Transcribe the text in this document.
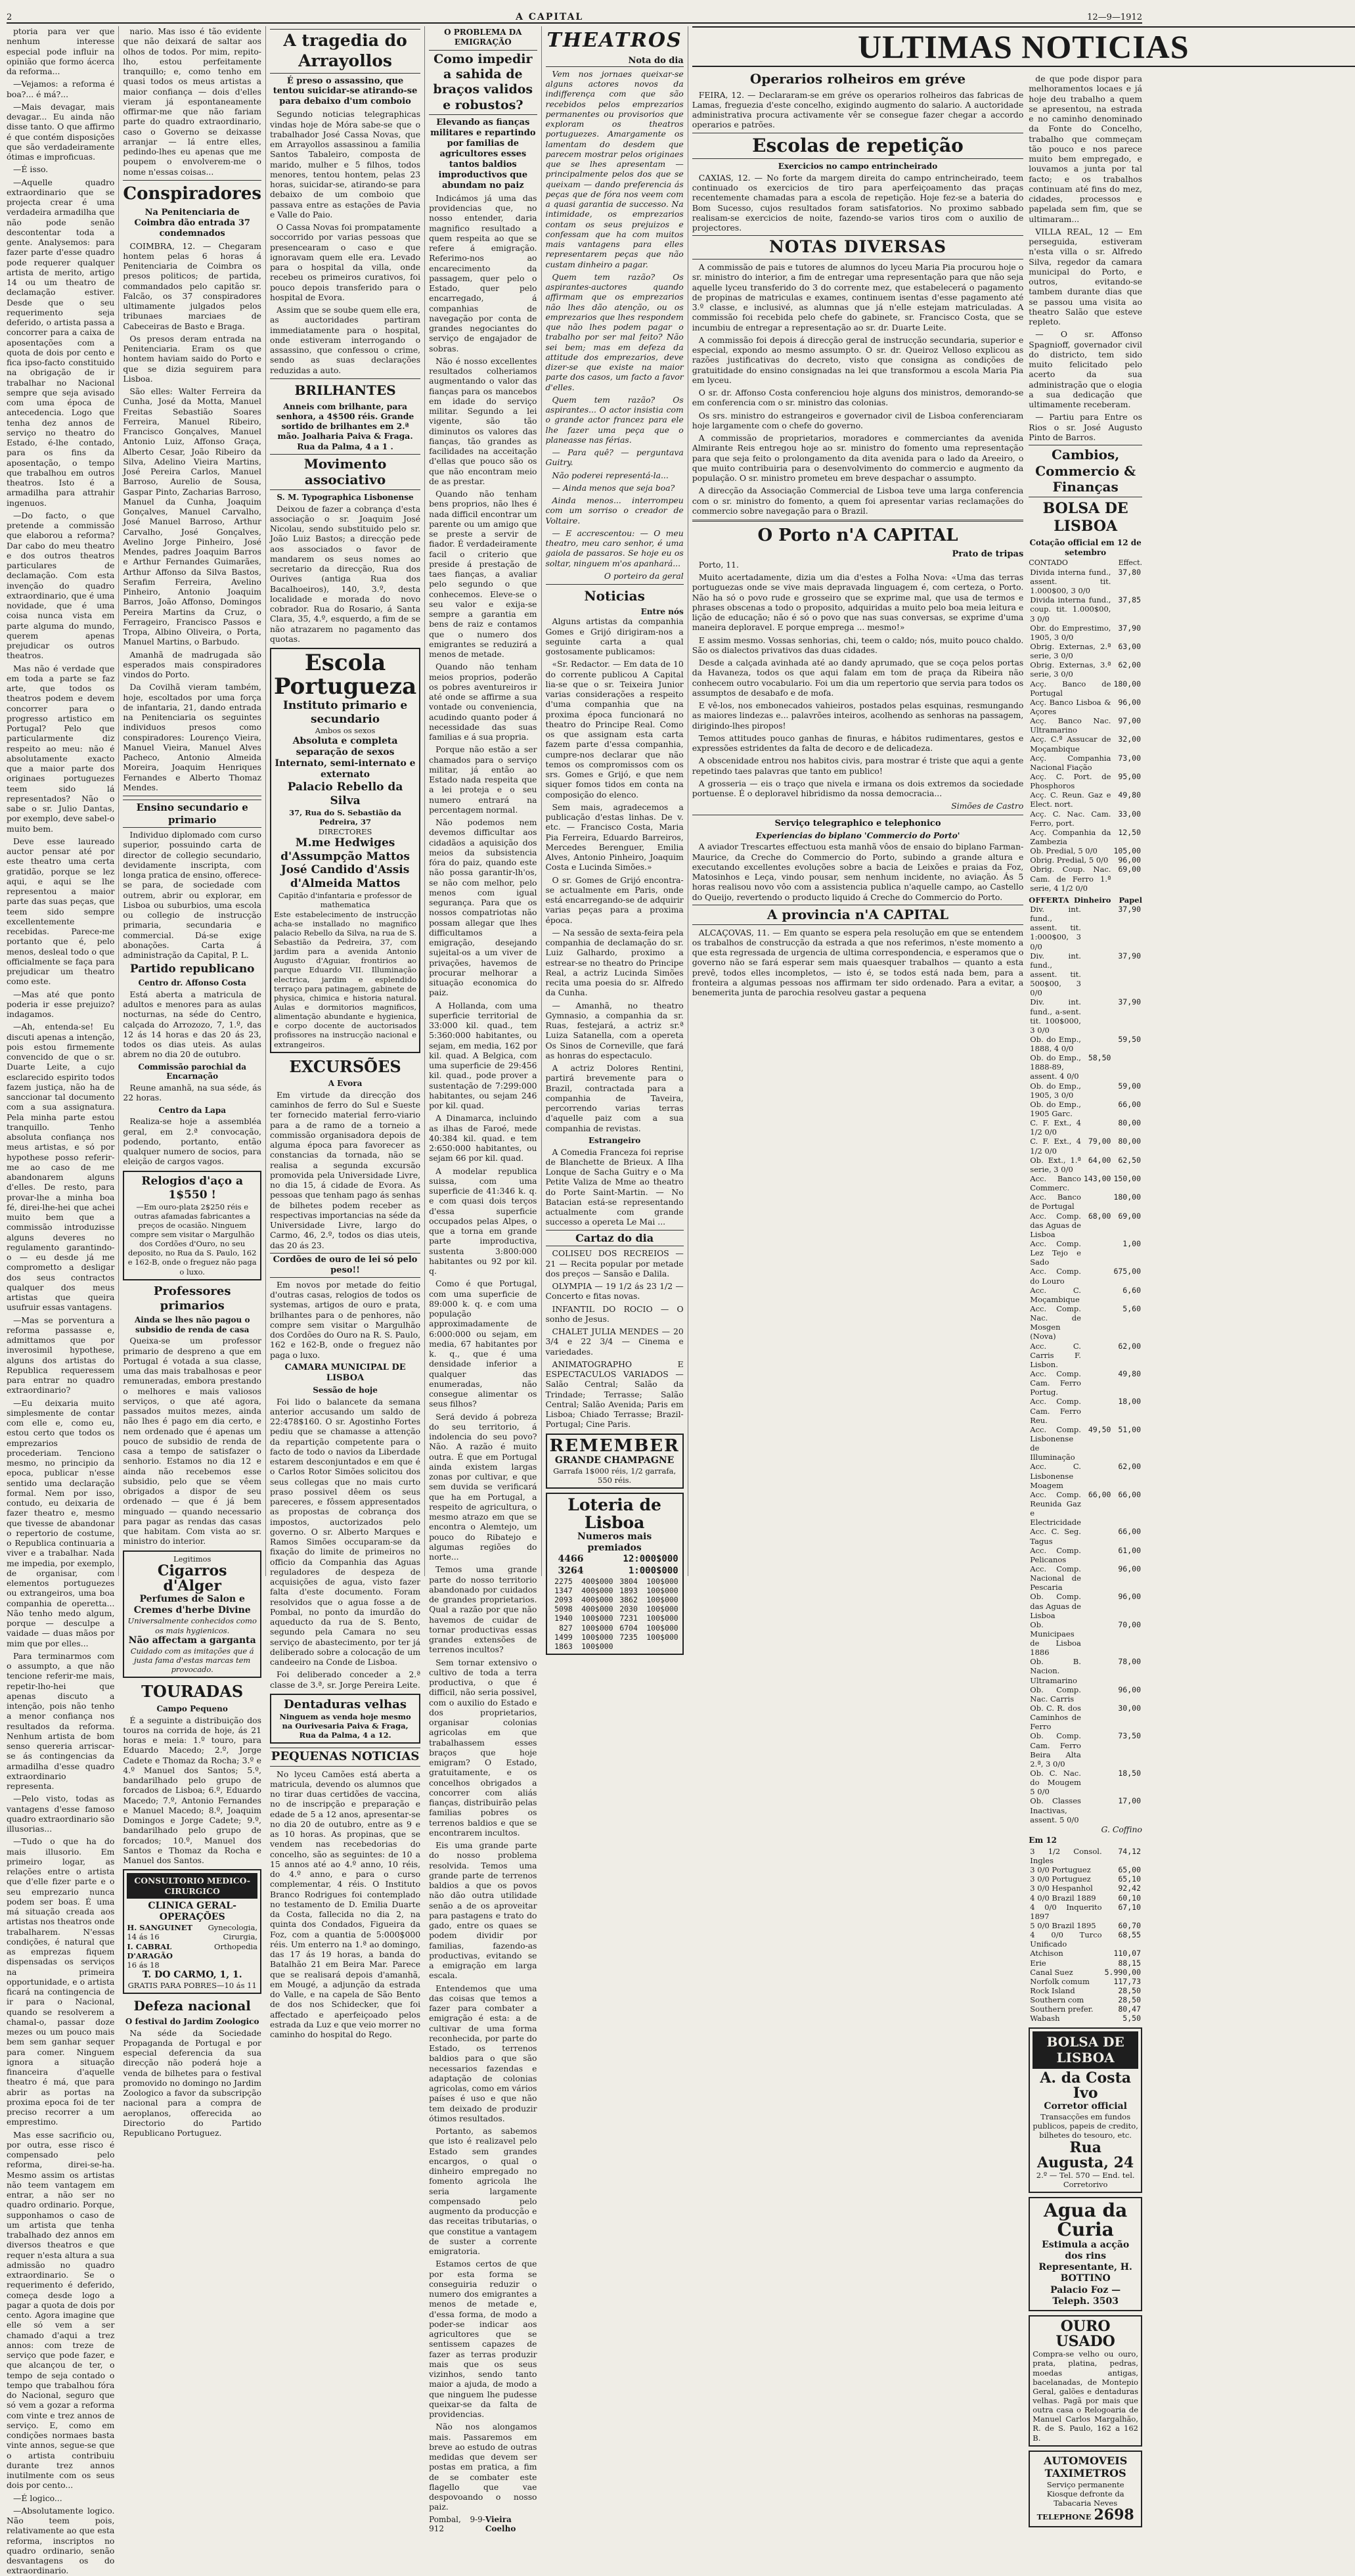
2	A CAPITAL	12—9—1912

ptoria para ver que nenhum interesse especial pode influir na opinião que formo ácerca da reforma...

—Vejamos: a reforma é boa?... é má?...

—Mais devagar, mais devagar... Eu ainda não disse tanto. O que affirmo é que contém disposições que são verdadeiramente ótimas e improficuas.

—É isso.

—Aquelle quadro extraordinario que se projecta crear é uma verdadeira armadilha que não pode senão descontentar toda a gente. Analysemos: para fazer parte d'esse quadro pode requerer qualquer artista de merito, artigo 14 ou um theatro de declamação estiver. Desde que o seu requerimento seja deferido, o artista passa a concorrer para a caixa de aposentações com a quota de dois por cento e fica ipso-facto constituido na obrigação de ir trabalhar no Nacional sempre que seja avisado com uma época de antecedencia. Logo que tenha dez annos de serviço no theatro do Estado, é-lhe contado, para os fins da aposentação, o tempo que trabalhou em outros theatros. Isto é a armadilha para attrahir ingenuos.

—Do facto, o que pretende a commissão que elaborou a reforma? Dar cabo do meu theatro e dos outros theatros particulares de declamação. Com esta invenção do quadro extraordinario, que é uma novidade, que é uma coisa nunca vista em parte alguma do mundo, querem apenas prejudicar os outros theatros.

Mas não é verdade que em toda a parte se faz arte, que todos os theatros podem e devem concorrer para o progresso artistico em Portugal? Pelo que particularmente diz respeito ao meu: não é absolutamente exacto que a maior parte dos originaes portuguezes teem sido lá representados? Não o sabe o sr. Julio Dantas, por exemplo, deve sabel-o muito bem.

Deve esse laureado auctor pensar até por este theatro uma certa gratidão, porque se lez aqui, e aqui se lhe representou a maior parte das suas peças, que teem sido sempre excellentemente recebidas. Parece-me portanto que é, pelo menos, desleal todo o que officialmente se faça para prejudicar um theatro como este.

—Mas até que ponto poderia ir esse prejuizo? indagamos.

—Ah, entenda-se! Eu discuti apenas a intenção, pois estou firmemente convencido de que o sr. Duarte Leite, a cujo esclarecido espirito todos fazem justiça, não ha de sanccionar tal documento com a sua assignatura. Pela minha parte estou tranquillo. Tenho absoluta confiança nos meus artistas, e só por hypothese posso referir-me ao caso de me abandonarem alguns d'elles. De resto, para provar-lhe a minha boa fé, direi-lhe-hei que achei muito bem que a commissão introduzisse alguns deveres no regulamento garantindo-o — eu desde já me comprometto a desligar dos seus contractos qualquer dos meus artistas que queira usufruir essas vantagens.

—Mas se porventura a reforma passasse e, admittamos que por inverosimil hypothese, alguns dos artistas do Republica requeressem para entrar no quadro extraordinario?

—Eu deixaria muito simplesmente de contar com elle e, como eu, estou certo que todos os emprezarios procederiam. Tenciono mesmo, no principio da epoca, publicar n'esse sentido uma declaração formal. Nem por isso, contudo, eu deixaria de fazer theatro e, mesmo que tivesse de abandonar o repertorio de costume, o Republica continuaria a viver e a trabalhar. Nada me impedia, por exemplo, de organisar, com elementos portuguezes ou extrangeiros, uma boa companhia de operetta... Não tenho medo algum, porque — desculpe a vaidade — duas mãos por mim que por elles...

Para terminarmos com o assumpto, a que não tencione referir-me mais, repetir-lho-hei que apenas discuto a intenção, pois não tenho a menor confiança nos resultados da reforma. Nenhum artista de bom senso quereria arriscar-se ás contingencias da armadilha d'esse quadro extraordinario representa.

—Pelo visto, todas as vantagens d'esse famoso quadro extraordinario são illusorias...

—Tudo o que ha do mais illusorio. Em primeiro logar, as relações entre o artista que d'elle fizer parte e o seu emprezario nunca podem ser boas. É uma má situação creada aos artistas nos theatros onde trabalharem. N'essas condições, é natural que as emprezas fiquem dispensadas os serviços na primeira opportunidade, e o artista ficará na contingencia de ir para o Nacional, quando se resolverem a chamal-o, passar doze mezes ou um pouco mais bem sem ganhar sequer para comer. Ninguem ignora a situação financeira d'aquelle theatro é má, que para abrir as portas na proxima epoca foi de ter preciso recorrer a um emprestimo.

Mas esse sacrificio ou, por outra, esse risco é compensado pelo reforma, direi-se-ha. Mesmo assim os artistas não teem vantagem em entrar, a não ser no quadro ordinario. Porque, supponhamos o caso de um artista que tenha trabalhado dez annos em diversos theatros e que requer n'esta altura a sua admissão no quadro extraordinario. Se o requerimento é deferido, começa desde logo a pagar a quota de dois por cento. Agora imagine que elle só vem a ser chamado d'aqui a trez annos: com treze de serviço que pode fazer, e que alcançou de ter, o tempo de seja contado o tempo que trabalhou fóra do Nacional, seguro que só vem a gozar a reforma com vinte e trez annos de serviço. E, como em condições normaes basta vinte annos, segue-se que o artista contribuiu durante trez annos inutilmente com os seus dois por cento...

—É logico...

—Absolutamente logico. Não teem pois, relativamente ao que esta reforma, inscriptos no quadro ordinario, senão desvantagens os do extraordinario.

nario. Mas isso é tão evidente que não deixará de saltar aos olhos de todos. Por mim, repito-lho, estou perfeitamente tranquillo; e, como tenho em quasi todos os meus artistas a maior confiança — dois d'elles vieram já espontaneamente offirmar-me que não fariam parte do quadro extraordinario, caso o Governo se deixasse arranjar — lá entre elles, pedindo-lhes eu apenas que me poupem o envolverem-me o nome n'essas coisas...

Conspiradores
Na Penitenciaria de Coimbra dão entrada 37 condemnados

COIMBRA, 12. — Chegaram hontem pelas 6 horas á Penitenciaria de Coimbra os presos politicos; de partida, commandados pelo capitão sr. Falcão, os 37 conspiradores ultimamente julgados pelos tribunaes marciaes de Cabeceiras de Basto e Braga.

Os presos deram entrada na Penitenciaria. Eram os que hontem haviam saido do Porto e que se dizia seguirem para Lisboa.

São elles: Walter Ferreira da Cunha, José da Motta, Manuel Freitas Sebastião Soares Ferreira, Manuel Ribeiro, Francisco Gonçalves, Manuel Antonio Luiz, Affonso Graça, Alberto Cesar, João Ribeiro da Silva, Adelino Vieira Martins, José Pereira Carlos, Manuel Barroso, Aurelio de Sousa, Gaspar Pinto, Zacharias Barroso, Manuel da Cunha, Joaquim Gonçalves, Manuel Carvalho, José Manuel Barroso, Arthur Carvalho, José Gonçalves, Avelino Jorge Pinheiro, José Mendes, padres Joaquim Barros e Arthur Fernandes Guimarães, Arthur Affonso da Silva Bastos, Serafim Ferreira, Avelino Pinheiro, Antonio Joaquim Barros, João Affonso, Domingos Pereira Martins da Cruz, o Ferrageiro, Francisco Passos e Tropa, Albino Oliveira, o Porta, Manuel Martins, o Barbudo.

Amanhã de madrugada são esperados mais conspiradores vindos do Porto.

Da Covilhã vieram também, hoje, escoltados por uma força de infantaria, 21, dando entrada na Penitenciaria os seguintes individuos presos como conspiradores: Lourenço Vieira, Manuel Vieira, Manuel Alves Pacheco, Antonio Almeida Moreira, Joaquim Henriques Fernandes e Alberto Thomaz Mendes.

Ensino secundario e primario

Individuo diplomado com curso superior, possuindo carta de director de collegio secundario, devidamente inscripta, com longa pratica de ensino, offerece-se para, de sociedade com outrem, abrir ou explorar, em Lisboa ou suburbios, uma escola ou collegio de instrucção primaria, secundaria e commercial. Dá-se exige abonações. Carta á administração da Capital, P. L.

Partido republicano
Centro dr. Affonso Costa

Está aberta a matricula de adultos e menores para as aulas nocturnas, na séde do Centro, calçada do Arrozozo, 7, 1.º, das 12 ás 14 horas e das 20 ás 23, todos os dias uteis. As aulas abrem no dia 20 de outubro.

Commissão parochial da Encarnação

Reune amanhã, na sua séde, ás 22 horas.

Centro da Lapa

Realiza-se hoje a assembléa geral, em 2.ª convocação, podendo, portanto, então qualquer numero de socios, para eleição de cargos vagos.

Relogios d'aço a 1$550 !
—Em ouro-plata 2$250 réis e outras afamadas fabricantes a preços de ocasião. Ninguem compre sem visitar o Margulhão dos Cordões d'Ouro, no seu deposito, no Rua da S. Paulo, 162 e 162-B, onde o freguez não paga o luxo.
Professores primarios
Ainda se lhes não pagou o subsidio de renda de casa

Queixa-se um professor primario de despreno a que em Portugal é votada a sua classe, uma das mais trabalhosas e peor remuneradas, embora prestando o melhores e mais valiosos serviços, o que até agora, passados muitos mezes, ainda não lhes é pago em dia certo, e nem ordenado que é apenas um pouco de subsidio de renda de casa a tempo de satisfazer o senhorio. Estamos no dia 12 e ainda não recebemos esse subsidio, pelo que se vêem obrigados a dispor de seu ordenado — que é já bem minguado — quando necessario para pagar as rendas das casas que habitam. Com vista ao sr. ministro do interior.

Legitimos
Cigarros d'Alger
Perfumes de Salon e Cremes d'herbe Divine
Universalmente conhecidos como os mais hygienicos.
Não affectam a garganta
Cuidado com as imitações que á justa fama d'estas marcas tem provocado.
TOURADAS
Campo Pequeno

É a seguinte a distribuição dos touros na corrida de hoje, ás 21 horas e meia: 1.º touro, para Eduardo Macedo; 2.º, Jorge Cadete e Thomaz da Rocha; 3.º e 4.º Manuel dos Santos; 5.º, bandarilhado pelo grupo de forcados de Lisboa; 6.º, Eduardo Macedo; 7.º, Antonio Fernandes e Manuel Macedo; 8.º, Joaquim Domingos e Jorge Cadete; 9.º, bandarilhado pelo grupo de forcados; 10.º, Manuel dos Santos e Thomaz da Rocha e Manuel dos Santos.

CONSULTORIO MEDICO-CIRURGICO
CLINICA GERAL-OPERAÇÕES
H. SANGUINET
14 ás 16
I. CABRAL D'ARAGÃO
16 ás 18
Gynecologia, Cirurgia, Orthopedia
T. DO CARMO, 1, 1.
GRATIS PARA POBRES—10 ás 11
Defeza nacional
O festival do Jardim Zoologico

Na séde da Sociedade Propaganda de Portugal e por especial deferencia da sua direcção não poderá hoje a venda de bilhetes para o festival promovido no domingo no Jardim Zoologico a favor da subscripção nacional para a compra de aeroplanos, offerecida ao Directorio do Partido Republicano Portuguez.

A tragedia do Arrayollos
É preso o assassino, que tentou suicidar-se atirando-se para debaixo d'um comboio

Segundo noticias telegraphicas vindas hoje de Móra sabe-se que o trabalhador José Cassa Novas, que em Arrayollos assassinou a familia Santos Tabaleiro, composta de marido, mulher e 5 filhos, todos menores, tentou hontem, pelas 23 horas, suicidar-se, atirando-se para debaixo de um comboio que passava entre as estações de Pavia e Valle do Paio.

O Cassa Novas foi prompatamente soccorrido por varias pessoas que presencearam o caso e que ignoravam quem elle era. Levado para o hospital da villa, onde recebeu os primeiros curativos, foi pouco depois transferido para o hospital de Evora.

Assim que se soube quem elle era, as auctoridades partiram immediatamente para o hospital, onde estiveram interrogando o assassino, que confessou o crime, sendo as suas declarações reduzidas a auto.

BRILHANTES

Anneis com brilhante, para senhora, a 4$500 réis. Grande sortido de brilhantes em 2.ª mão. Joalharia Paiva & Fraga. Rua da Palma, 4 a 1 .

Movimento associativo
S. M. Typographica Lisbonense

Deixou de fazer a cobrança d'esta associação o sr. Joaquim José Nicolau, sendo substituido pelo sr. João Luiz Bastos; a direcção pede aos associados o favor de mandarem os seus nomes ao secretario da direcção, Rua dos Ourives (antiga Rua dos Bacalhoeiros), 140, 3.º, desta localidade e morada do novo cobrador. Rua do Rosario, á Santa Clara, 35, 4.º, esquerdo, a fim de se não atrazarem no pagamento das quotas.

Escola Portugueza
Instituto primario e secundario
Ambos os sexos
Absoluta e completa separação de sexos
Internato, semi-internato e externato
Palacio Rebello da Silva
37, Rua do S. Sebastião da Pedreira, 37
DIRECTORES
M.me Hedwiges d'Assumpção Mattos
José Candido d'Assis d'Almeida Mattos
Capitão d'infantaria e professor de mathematica
Este estabelecimento de instrucção acha-se installado no magnifico palacio Rebello da Silva, na rua de S. Sebastião da Pedreira, 37, com jardim para a avenida Antonio Augusto d'Aguiar, frontirios ao parque Eduardo VII. Illuminação electrica, jardim e esplendido terraço para patinagem, gabinete de physica, chimica e historia natural. Aulas e dormitorios magnificos, alimentação abundante e hygienica, e corpo docente de auctorisados profissores na instrucção nacional e extrangeiros.
EXCURSÕES
A Evora

Em virtude da direcção dos caminhos de ferro do Sul e Sueste ter fornecido material ferro-viario para a de ramo de a torneio a commissão organisadora depois de alguma época para favorecer as constancias da tornada, não se realisa a segunda excursão promovida pela Universidade Livre, no dia 15, á cidade de Evora. As pessoas que tenham pago ás senhas de bilhetes podem receber as respectivas importancias na séde da Universidade Livre, largo do Carmo, 46, 2.º, todos os dias uteis, das 20 ás 23.

Cordões de ouro de lei só pelo peso!!

Em novos por metade do feitio d'outras casas, relogios de todos os systemas, artigos de ouro e prata, brilhantes para o de penhores, não compre sem visitar o Margulhão dos Cordões do Ouro na R. S. Paulo, 162 e 162-B, onde o freguez não paga o luxo.

CAMARA MUNICIPAL DE LISBOA
Sessão de hoje

Foi lido o balancete da semana anterior accusando um saldo de 22:478$160. O sr. Agostinho Fortes pediu que se chamasse a attenção da repartição competente para o facto de todo o navios da Liberdade estarem desconjuntados e em que é o Carlos Rotor Simões solicitou dos seus collegas que no mais curto praso possivel dêem os seus pareceres, e fôssem appresentados as propostas de cobrança dos impostos, auctorizados pelo governo. O sr. Alberto Marques e Ramos Simões occuparam-se da fixação do limite de primeiros no officio da Companhia das Aguas reguladores de despeza de acquisições de agua, visto fazer falta d'este documento. Foram resolvidos que o agua fosse a de Pombal, no ponto da imurdão do aqueducto da rua de S. Bento, segundo pela Camara no seu serviço de abastecimento, por ter já deliberado sobre a colocação de um candeeiro na Conde de Lisboa.

Foi deliberado conceder a 2.ª classe de 3.ª, sr. Jorge Pereira Leite.

Dentaduras velhas
Ninguem as venda hoje mesmo na Ourivesaria Paiva & Fraga, Rua da Palma, 4 a 12.
PEQUENAS NOTICIAS

No lyceu Camões está aberta a matricula, devendo os alumnos que no tirar duas certidões de vaccina, no de inscripção e preparação e edade de 5 a 12 anos, apresentar-se no dia 20 de outubro, entre as 9 e as 10 horas. As propinas, que se vendem nas recebedorias do concelho, são as seguintes: de 10 a 15 annos até ao 4.º anno, 10 réis, do 4.º anno, e para o curso complementar, 4 réis. O Instituto Branco Rodrigues foi contemplado no testamento de D. Emilia Duarte da Costa, fallecida no dia 2, na quinta dos Condados, Figueira da Foz, com a quantia de 5:000$000 réis. Um enterro na 1.ª ao domingo, das 17 ás 19 horas, a banda do Batalhão 21 em Beira Mar. Parece que se realisará depois d'amanhã, em Mougé, a adjunção da estrada do Valle, e na capela de São Bento de dos nos Schidecker, que foi affectado e aperfeiçoado pelos estrada da Luz e que veio morrer no caminho do hospital do Rego.

O PROBLEMA DA EMIGRAÇÃO
Como impedir a sahida de braços validos e robustos?
Elevando as fianças militares e repartindo por familias de agricultores esses tantos baldios improductivos que abundam no paiz

Indicámos já uma das providencias que, no nosso entender, daria magnifico resultado a quem respeita ao que se refere á emigração. Referimo-nos ao encarecimento da passagem, quer pelo o Estado, quer pelo encarregado, á companhias de navegação por conta de grandes negociantes do serviço de engajador de sobras.

Não é nosso excellentes resultados colheriamos augmentando o valor das fianças para os mancebos em idade do serviço militar. Segundo a lei vigente, são tão diminutos os valores das fianças, tão grandes as facilidades na acceitação d'ellas que pouco são os que não encontram meio de as prestar.

Quando não tenham bens proprios, não lhes é nada difficil encontrar um parente ou um amigo que se preste a servir de fiador. É verdadeiramente facil o criterio que preside á prestação de taes fianças, a avaliar pelo segundo o que conhecemos. Eleve-se o seu valor e exija-se sempre a garantia em bens de raiz e contamos que o numero dos emigrantes se reduzirá a menos de metade.

Quando não tenham meios proprios, poderão os pobres aventureiros ir até onde se affirme a sua vontade ou conveniencia, acudindo quanto poder á necessidade das suas familias e á sua propria.

Porque não estão a ser chamados para o serviço militar, já então ao Estado nada respeita que a lei proteja e o seu numero entrará na percentagem normal.

Não podemos nem devemos difficultar aos cidadãos a aquisição dos meios da subsistencia fóra do paiz, quando este não possa garantir-lh'os, se não com melhor, pelo menos com igual segurança. Para que os nossos compatriotas não possam allegar que lhes difficultamos a emigração, desejando sujeital-os a um viver de privações, havemos de procurar melhorar a situação economica do paiz.

A Hollanda, com uma superficie territorial de 33:000 kil. quad., tem 5:360:000 habitantes, ou sejam, em media, 162 por kil. quad. A Belgica, com uma superficie de 29:456 kil. quad., pode prover a sustentação de 7:299:000 habitantes, ou sejam 246 por kil. quad.

A Dinamarca, incluindo as ilhas de Faroé, mede 40:384 kil. quad. e tem 2:650:000 habitantes, ou sejam 66 por kil. quad.

A modelar republica suissa, com uma superficie de 41:346 k. q. e com quasi dois terços d'essa superficie occupados pelas Alpes, o que a torna em grande parte improductiva, sustenta 3:800:000 habitantes ou 92 por kil. q.

Como é que Portugal, com uma superficie de 89:000 k. q. e com uma população approximadamente de 6:000:000 ou sejam, em media, 67 habitantes por k. q., que é uma densidade inferior a qualquer das enumeradas, não consegue alimentar os seus filhos?

Será devido á pobreza do seu territorio, á indolencia do seu povo? Não. A razão é muito outra. É que em Portugal ainda existem largas zonas por cultivar, e que sem duvida se verificará que ha em Portugal, a respeito de agricultura, o mesmo atrazo em que se encontra o Alemtejo, um pouco do Ribatejo e algumas regiões do norte...

Temos uma grande parte do nosso territorio abandonado por cuidados de grandes proprietarios. Qual a razão por que não havemos de cuidar de tornar productivas essas grandes extensões de terrenos incultos?

Sem tornar extensivo o cultivo de toda a terra productiva, o que é difficil, não seria possivel, com o auxilio do Estado e dos proprietarios, organisar colonias agricolas em que trabalhassem esses braços que hoje emigram? O Estado, gratuitamente, e os concelhos obrigados a concorrer com aliás fianças, distribuirão pelas familias pobres os terrenos baldios e que se encontrarem incultos.

Eis uma grande parte do nosso problema resolvida. Temos uma grande parte de terrenos baldios a que os povos não dão outra utilidade senão a de os aproveitar para pastagens e trato do gado, entre os quaes se podem dividir por familias, fazendo-as productivas, evitando se a emigração em larga escala.

Entendemos que uma das coisas que temos a fazer para combater a emigração é esta: a de cultivar de uma forma reconhecida, por parte do Estado, os terrenos baldios para o que são necessarios fazendas e adaptação de colonias agricolas, como em vários países é uso e que não tem deixado de produzir ótimos resultados.

Portanto, as sabemos que isto é realizavel pelo Estado sem grandes encargos, o qual o dinheiro empregado no fomento agricola lhe seria largamente compensado pelo augmento da producção e das receitas tributarias, o que constitue a vantagem de suster a corrente emigratoria.

Estamos certos de que por esta forma se conseguiria reduzir o numero dos emigrantes a menos de metade e, d'essa forma, de modo a poder-se indicar aos agricultores que se sentissem capazes de fazer as terras produzir mais que os seus vizinhos, sendo tanto maior a ajuda, de modo a que ninguem lhe pudesse queixar-se da falta de providencias.

Não nos alongamos mais. Passaremos em breve ao estudo de outras medidas que devem ser postas em pratica, a fim de se combater este flagello que vae despovoando o nosso paiz.

Pombal, 9-9-912
Vieira Coelho
THEATROS
Nota do dia

Vem nos jornaes queixar-se alguns actores novos da indifferença com que são recebidos pelos emprezarios permanentes ou provisorios que exploram os theatros portuguezes. Amargamente os lamentam do desdem que parecem mostrar pelos originaes que se lhes apresentam — principalmente pelos dos que se queixam — dando preferencia ás peças que de fóra nos veem com a quasi garantia de successo. Na intimidade, os emprezarios contam os seus prejuizos e confessam que ha com muitos mais vantagens para elles representarem peças que não custam dinheiro a pagar.

Quem tem razão? Os aspirantes-auctores quando affirmam que os emprezarios não lhes dão atenção, ou os emprezarios que lhes respondem que não lhes podem pagar o trabalho por ser mal feito? Não sei bem; mas em defeza da attitude dos emprezarios, deve dizer-se que existe na maior parte dos casos, um facto a favor d'elles.

Quem tem razão? Os aspirantes... O actor insistia com o grande actor francez para ele lhe fazer uma peça que o planeasse nas férias.

— Para quê? — perguntava Guitry.

Não poderei representá-la...

— Ainda menos que seja boa?

Ainda menos... interrompeu com um sorriso o creador de Voltaire.

— E accrescentou: — O meu theatro, meu caro senhor, é uma gaiola de passaros. Se hoje eu os soltar, ninguem m'os apanhará...

O porteiro da geral
Noticias
Entre nós

Alguns artistas da companhia Gomes e Grijó dirigiram-nos a seguinte carta a qual gostosamente publicamos:

«Sr. Redactor. — Em data de 10 do corrente publicou A Capital lia-se que o sr. Teixeira Junior varias considerações a respeito d'uma companhia que na proxima época funcionará no theatro do Principe Real. Como os que assignam esta carta fazem parte d'essa companhia, cumpre-nos declarar que não temos os compromissos com os srs. Gomes e Grijó, e que nem siquer fomos tidos em conta na composição do elenco.

Sem mais, agradecemos a publicação d'estas linhas. De v. etc. — Francisco Costa, Maria Pia Ferreira, Eduardo Barreiros, Mercedes Berenguer, Emilia Alves, Antonio Pinheiro, Joaquim Costa e Lucinda Simões.»

O sr. Gomes de Grijó encontra-se actualmente em Paris, onde está encarregando-se de adquirir varias peças para a proxima época.

— Na sessão de sexta-feira pela companhia de declamação do sr. Luiz Galhardo, proximo a estrear-se no theatro do Principe Real, a actriz Lucinda Simões recita uma poesia do sr. Alfredo da Cunha.

— Amanhã, no theatro Gymnasio, a companhia da sr. Ruas, festejará, a actriz sr.ª Luiza Satanella, com a opereta Os Sinos de Corneville, que fará as honras do espectaculo.

A actriz Dolores Rentini, partirá brevemente para o Brazil, contractada para a companhia de Taveira, percorrendo varias terras d'aquelle paiz com a sua companhia de revistas.

Estrangeiro

A Comedia Franceza foi reprise de Blanchette de Brieux. A Ilha Lonque de Sacha Guitry e o Ma Petite Valiza de Mme ao theatro do Porte Saint-Martin. — No Batacian está-se representando actualmente com grande successo a opereta Le Mai ...

Cartaz do dia

COLISEU DOS RECREIOS — 21 — Recita popular por metade dos preços — Sansão e Dalila.

OLYMPIA — 19 1/2 ás 23 1/2 — Concerto e fitas novas.

INFANTIL DO ROCIO — O sonho de Jesus.

CHALET JULIA MENDES — 20 3/4 e 22 3/4 — Cinema e variedades.

ANIMATOGRAPHO E ESPECTACULOS VARIADOS — Salão Central; Salão da Trindade; Terrasse; Salão Central; Salão Avenida; Paris em Lisboa; Chiado Terrasse; Brazil-Portugal; Cine Paris.

REMEMBER
GRANDE CHAMPAGNE
Garrafa 1$000 réis, 1/2 garrafa, 550 réis.
Loteria de Lisboa
Numeros mais premiados
4466	12:000$000
3264	1:000$000
2275	400$000	3804	100$000
1347	400$000	1893	100$000
2093	400$000	3862	100$000
5098	400$000	2030	100$000
1940	100$000	7231	100$000
827	100$000	6704	100$000
1499	100$000	7235	100$000
1863	100$000		
ULTIMAS NOTICIAS
Operarios rolheiros em gréve

FEIRA, 12. — Declararam-se em gréve os operarios rolheiros das fabricas de Lamas, freguezia d'este concelho, exigindo augmento do salario. A auctoridade administrativa procura activamente vêr se consegue fazer chegar a accordo operarios e patrões.

Escolas de repetição
Exercicios no campo entrincheirado

CAXIAS, 12. — No forte da margem direita do campo entrincheirado, teem continuado os exercicios de tiro para aperfeiçoamento das praças recentemente chamadas para a escola de repetição. Hoje fez-se a bateria do Bom Sucesso, cujos resultados foram satisfatorios. No proximo sabbado realisam-se exercicios de noite, fazendo-se varios tiros com o auxilio de projectores.

NOTAS DIVERSAS

A commissão de pais e tutores de alumnos do lyceu Maria Pia procurou hoje o sr. ministro do interior, a fim de entregar uma representação para que não seja aquelle lyceu transferido do 3 do corrente mez, que estabelecerá o pagamento de propinas de matriculas e exames, continuem isentas d'esse pagamento até 3.º classe, e inclusivé, as alumnas que já n'elle estejam matriculadas. A commissão foi recebida pelo chefe do gabinete, sr. Francisco Costa, que se incumbiu de entregar a representação ao sr. dr. Duarte Leite.

A commissão foi depois á direcção geral de instrucção secundaria, superior e especial, expondo ao mesmo assumpto. O sr. dr. Queiroz Velloso explicou as razões justificativas do decreto, visto que consigna as condições de gratuitidade do ensino consignadas na lei que transformou a escola Maria Pia em lyceu.

O sr. dr. Affonso Costa conferenciou hoje alguns dos ministros, demorando-se em conferencia com o sr. ministro das colonias.

Os srs. ministro do estrangeiros e governador civil de Lisboa conferenciaram hoje largamente com o chefe do governo.

A commissão de proprietarios, moradores e commerciantes da avenida Almirante Reis entregou hoje ao sr. ministro do fomento uma representação para que seja feito o prolongamento da dita avenida para o lado da Areeiro, o que muito contribuiria para o desenvolvimento do commercio e augmento da população. O sr. ministro prometeu em breve despachar o assumpto.

A direcção da Associação Commercial de Lisboa teve uma larga conferencia com o sr. ministro do fomento, a quem foi apresentar varias reclamações do commercio sobre navegação para o Brazil.

O Porto n'A CAPITAL
Prato de tripas

Porto, 11.

Muito acertadamente, dizia um dia d'estes a Folha Nova: «Uma das terras portuguezas onde se vive mais depravada linguagem é, com certeza, o Porto. Não ha só o povo rude e grosseiro que se exprime mal, que usa de termos e phrases obscenas a todo o proposito, adquiridas a muito pelo boa meia leitura e lição de educação; não é só o povo que nas suas conversas, se exprime d'uma maneira deploravel. E porque emprega ... mesmo!»

E assim mesmo. Vossas senhorias, chi, teem o caldo; nós, muito pouco chaldo. São os dialectos privativos das duas cidades.

Desde a calçada avinhada até ao dandy aprumado, que se coça pelos portas da Havaneza, todos os que aqui falam em tom de praça da Ribeira não conhecem outro vocabulario. Foi um dia um repertorio que servia para todos os assumptos de desabafo e de mofa.

E vê-los, nos embonecados vahieiros, postados pelas esquinas, resmungando as maiores lindezas e... palavrões inteiros, acolhendo as senhoras na passagem, dirigindo-lhes piropos!

Temos attitudes pouco ganhas de finuras, e hábitos rudimentares, gestos e expressões estridentes da falta de decoro e de delicadeza.

A obscenidade entrou nos habitos civis, para mostrar é triste que aqui a gente repetindo taes palavras que tanto em publico!

A grosseria — eis o traço que nivela e irmana os dois extremos da sociedade portuense. É o deploravel hibridismo da nossa democracia...

Simões de Castro
Serviço telegraphico e telephonico
Experiencias do biplano 'Commercio do Porto'

A aviador Trescartes effectuou esta manhã vôos de ensaio do biplano Farman-Maurice, da Creche do Commercio do Porto, subindo a grande altura e executando excellentes evoluções sobre a bacia de Leixões e praias da Foz, Matosinhos e Leça, vindo pousar, sem nenhum incidente, no aviação. Ás 5 horas realisou novo vôo com a assistencia publica n'aquelle campo, ao Castello do Queijo, revertendo o producto liquido á Creche do Commercio do Porto.

A provincia n'A CAPITAL

ALCAÇOVAS, 11. — Em quanto se espera pela resolução em que se entendem os trabalhos de construcção da estrada a que nos referimos, n'este momento a que esta regressada de urgencia de ultima correspondencia, e esperamos que o governo não se fará esperar sem mais quaesquer trabalhos — quanto a esta prevê, todos elles incompletos, — isto é, se todos está nada bem, para a fronteira a algumas pessoas nos affirmam ter sido ordenado. Para a evitar, a benemerita junta de parochia resolveu gastar a pequena

de que pode dispor para melhoramentos locaes e já hoje deu trabalho a quem se apresentou, na estrada e no caminho denominado da Fonte do Concelho, trabalho que commeçam tão pouco e nos parece muito bem empregado, e louvamos a junta por tal facto; e os trabalhos continuam até fins do mez, cidades, processos e papelada sem fim, que se ultimaram...

VILLA REAL, 12 — Em perseguida, estiveram n'esta villa o sr. Alfredo Silva, regedor da camara municipal do Porto, e outros, evitando-se tambem durante dias que se passou uma visita ao theatro Salão que esteve repleto.

— O sr. Affonso Spagnioff, governador civil do districto, tem sido muito felicitado pelo acerto da sua administração que o elogia a sua dedicação que ultimamente receberam.

— Partiu para Entre os Rios o sr. José Augusto Pinto de Barros.

Cambios, Commercio & Finanças
BOLSA DE LISBOA
Cotação official em 12 de setembro
CONTADO	Effect.
Divida interna fund., assent. tit. 1.000$00, 3 0/0	37,80
Divida interna fund., coup. tit. 1.000$00, 3 0/0	37,85
Obr. do Emprestimo, 1905, 3 0/0	37,90
Obrig. Externas, 2.ª serie, 3 0/0	63,00
Obrig. Externas, 3.ª serie, 3 0/0	62,00
Acç. Banco de Portugal	180,00
Acç. Banco Lisboa & Açores	96,00
Acç. Banco Nac. Ultramarino	97,00
Acç. C.ª Assucar de Moçambique	32,00
Acç. Companhia Nacional Fiação	73,00
Acç. C. Port. de Phosphoros	95,00
Acç. C. Reun. Gaz e Elect. nort.	49,80
Acç. C. Nac. Cam. Ferro, port.	33,00
Acç. Companhia da Zambezia	12,50
Ob. Predial, 5 0/0	105,00
Obrig. Predial, 5 0/0	96,00
Obrig. Coup. Nac. Cam. de Ferro 1.ª serie, 4 1/2 0/0	69,00
OFFERTA Dinheiro Papel
Div. int. fund., assent. tit. 1:000$00, 3 0/0		37,90
Div. int. fund., assent. tit. 500$00, 3 0/0		37,90
Div. int. fund., a-sent. tit. 100$000, 3 0/0		37,90
Ob. do Emp., 1888, 4 0/0		59,50
Ob. do Emp., 1888-89, assent. 4 0/0	58,50	
Ob. do Emp., 1905, 3 0/0		59,00
Ob. do Emp., 1905 Garc.		66,00
C. F. Ext., 4 1/2 0/0		80,00
C. F. Ext., 4 1/2 0/0	79,00	80,00
Ob. Ext., 1.ª serie, 3 0/0	64,00	62,50
Acc. Banco Commerc.	143,00	150,00
Acc. Banco de Portugal		180,00
Acc. Comp. das Aguas de Lisboa	68,00	69,00
Acc. Comp. Lez Tejo e Sado		1,00
Acc. Comp. do Louro		675,00
Acc. C. Moçambique		6,60
Acc. Comp. Nac. de Mosgen (Nova)		5,60
Acc. C. Carris F. Lisbon.		62,00
Acc. Comp. Cam. Ferro Portug.		49,80
Acc. Comp. Cam. Ferro Reu.		18,00
Acc. Comp. Lisbonense de Illuminação	49,50	51,00
Acc. C. Lisbonense Moagem		62,00
Acc. Comp. Reunida Gaz e Electricidade	66,00	66,00
Acc. C. Seg. Tagus		66,00
Acc. Comp. Pelicanos		61,00
Acc. Comp. Nacional de Pescaria		96,00
Ob. Comp. das Aguas de Lisboa		96,00
Ob. Municipaes de Lisboa 1886		70,00
Ob. B. Nacion. Ultramarino		78,00
Ob. Comp. Nac. Carris		96,00
Ob. C. R. dos Caminhos de Ferro		30,00
Ob. Comp. Cam. Ferro Beira Alta 2.ª, 3 0/0		73,50
Ob. C. Nac. do Mougem 5 0/0		18,50
Ob. Classes Inactivas, assent. 5 0/0		17,00
G. Coffino
Em 12
3 1/2 Consol. Ingles	74,12
3 0/0 Portuguez	65,00
3 0/0 Portuguez	65,10
3 0/0 Hespanhol	92,42
4 0/0 Brazil 1889	60,10
4 0/0 Inquerito 1897	67,10
5 0/0 Brazil 1895	60,70
4 0/0 Turco Unificado	68,55
Atchison	110,07
Erie	88,15
Canal Suez	5.990,00
Norfolk comum	117,73
Rock Island	28,50
Southern com	28,50
Southern prefer.	80,47
Wabash	5,50
BOLSA DE LISBOA
A. da Costa Ivo
Corretor official
Transacções em fundos publicos, papeis de credito, bilhetes do tesouro, etc.
Rua Augusta, 24
2.º — Tel. 570 — End. tel. Corretorivo
Agua da Curia
Estimula a acção dos rins
Representante, H. BOTTINO
Palacio Foz — Teleph. 3503
OURO USADO
Compra-se velho ou ouro, prata, platina, pedras, moedas antigas, bacelanadas, de Montepio Geral, galões e dentaduras velhas. Pagã por mais que outra casa o Relogoaria de Manuel Carlos Margalhão, R. de S. Paulo, 162 a 162 B.
AUTOMOVEIS TAXIMETROS
Serviço permanente
Kiosque defronte da Tabacaria Neves
TELEPHONE 2698
